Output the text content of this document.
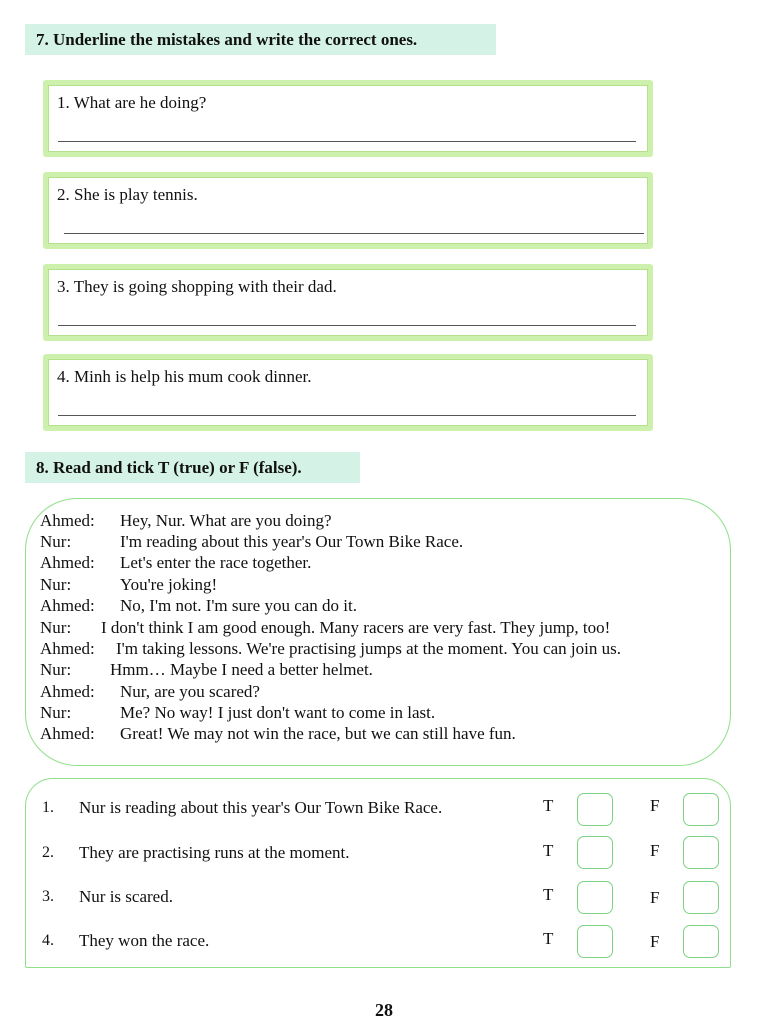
7. Underline the mistakes and write the correct ones.
1. What are he doing?
2. She is play tennis.
3. They is going shopping with their dad.
4. Minh is help his mum cook dinner.
8. Read and tick T (true) or F (false).
Ahmed: Hey, Nur. What are you doing?
Nur:	I'm reading about this year's Our Town Bike Race.
Ahmed: Let's enter the race together.
Nur:	You're joking!
Ahmed: No, I'm not. I'm sure you can do it.
Nur: I don't think I am good enough. Many racers are very fast. They jump, too!
Ahmed: I'm taking lessons. We're practising jumps at the moment. You can join us.
Nur: Hmm… Maybe I need a better helmet.
Ahmed: Nur, are you scared?
Nur:	Me? No way! I just don't want to come in last.
Ahmed: Great! We may not win the race, but we can still have fun.
1. Nur is reading about this year's Our Town Bike Race.	T	F
2. They are practising runs at the moment.	T	F
3. Nur is scared.	T	F
4. They won the race.	T	F
28
